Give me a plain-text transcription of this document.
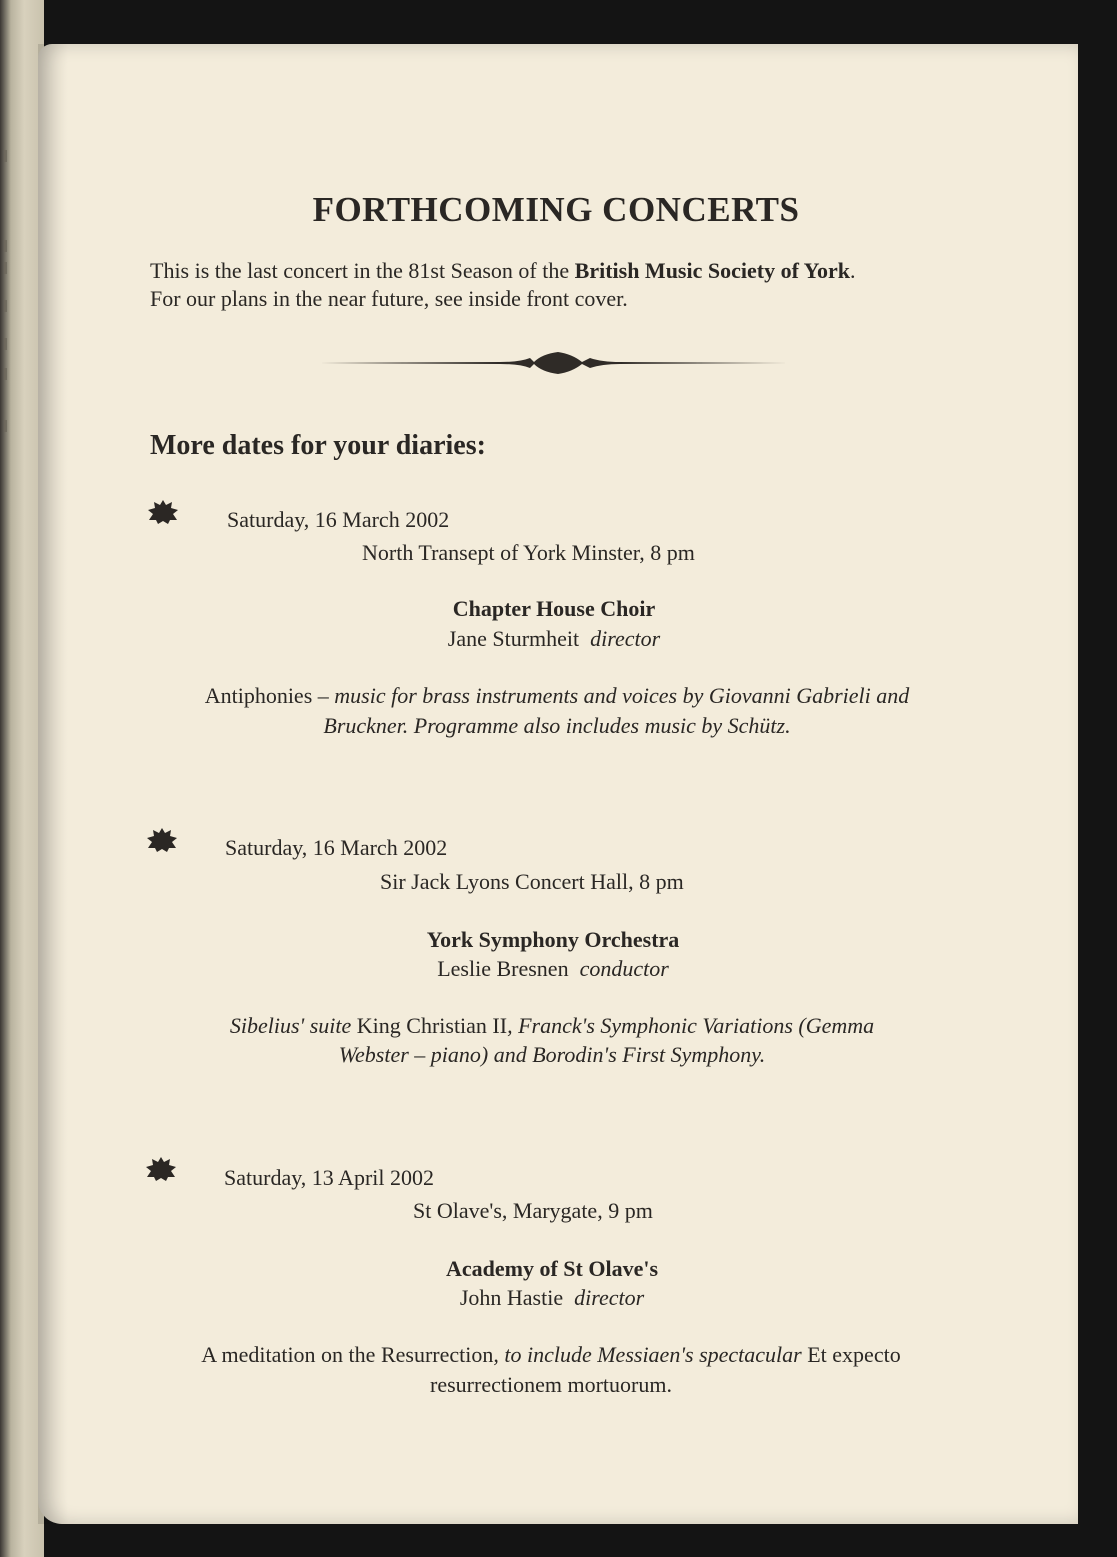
FORTHCOMING CONCERTS
This is the last concert in the 81st Season of the British Music Society of York.
For our plans in the near future, see inside front cover.
More dates for your diaries:
Saturday, 16 March 2002
North Transept of York Minster, 8 pm
Chapter House Choir
Jane Sturmheit director
Antiphonies – music for brass instruments and voices by Giovanni Gabrieli and
Bruckner. Programme also includes music by Schütz.
Saturday, 16 March 2002
Sir Jack Lyons Concert Hall, 8 pm
York Symphony Orchestra
Leslie Bresnen conductor
Sibelius' suite King Christian II, Franck's Symphonic Variations (Gemma
Webster – piano) and Borodin's First Symphony.
Saturday, 13 April 2002
St Olave's, Marygate, 9 pm
Academy of St Olave's
John Hastie director
A meditation on the Resurrection, to include Messiaen's spectacular Et expecto
resurrectionem mortuorum.
